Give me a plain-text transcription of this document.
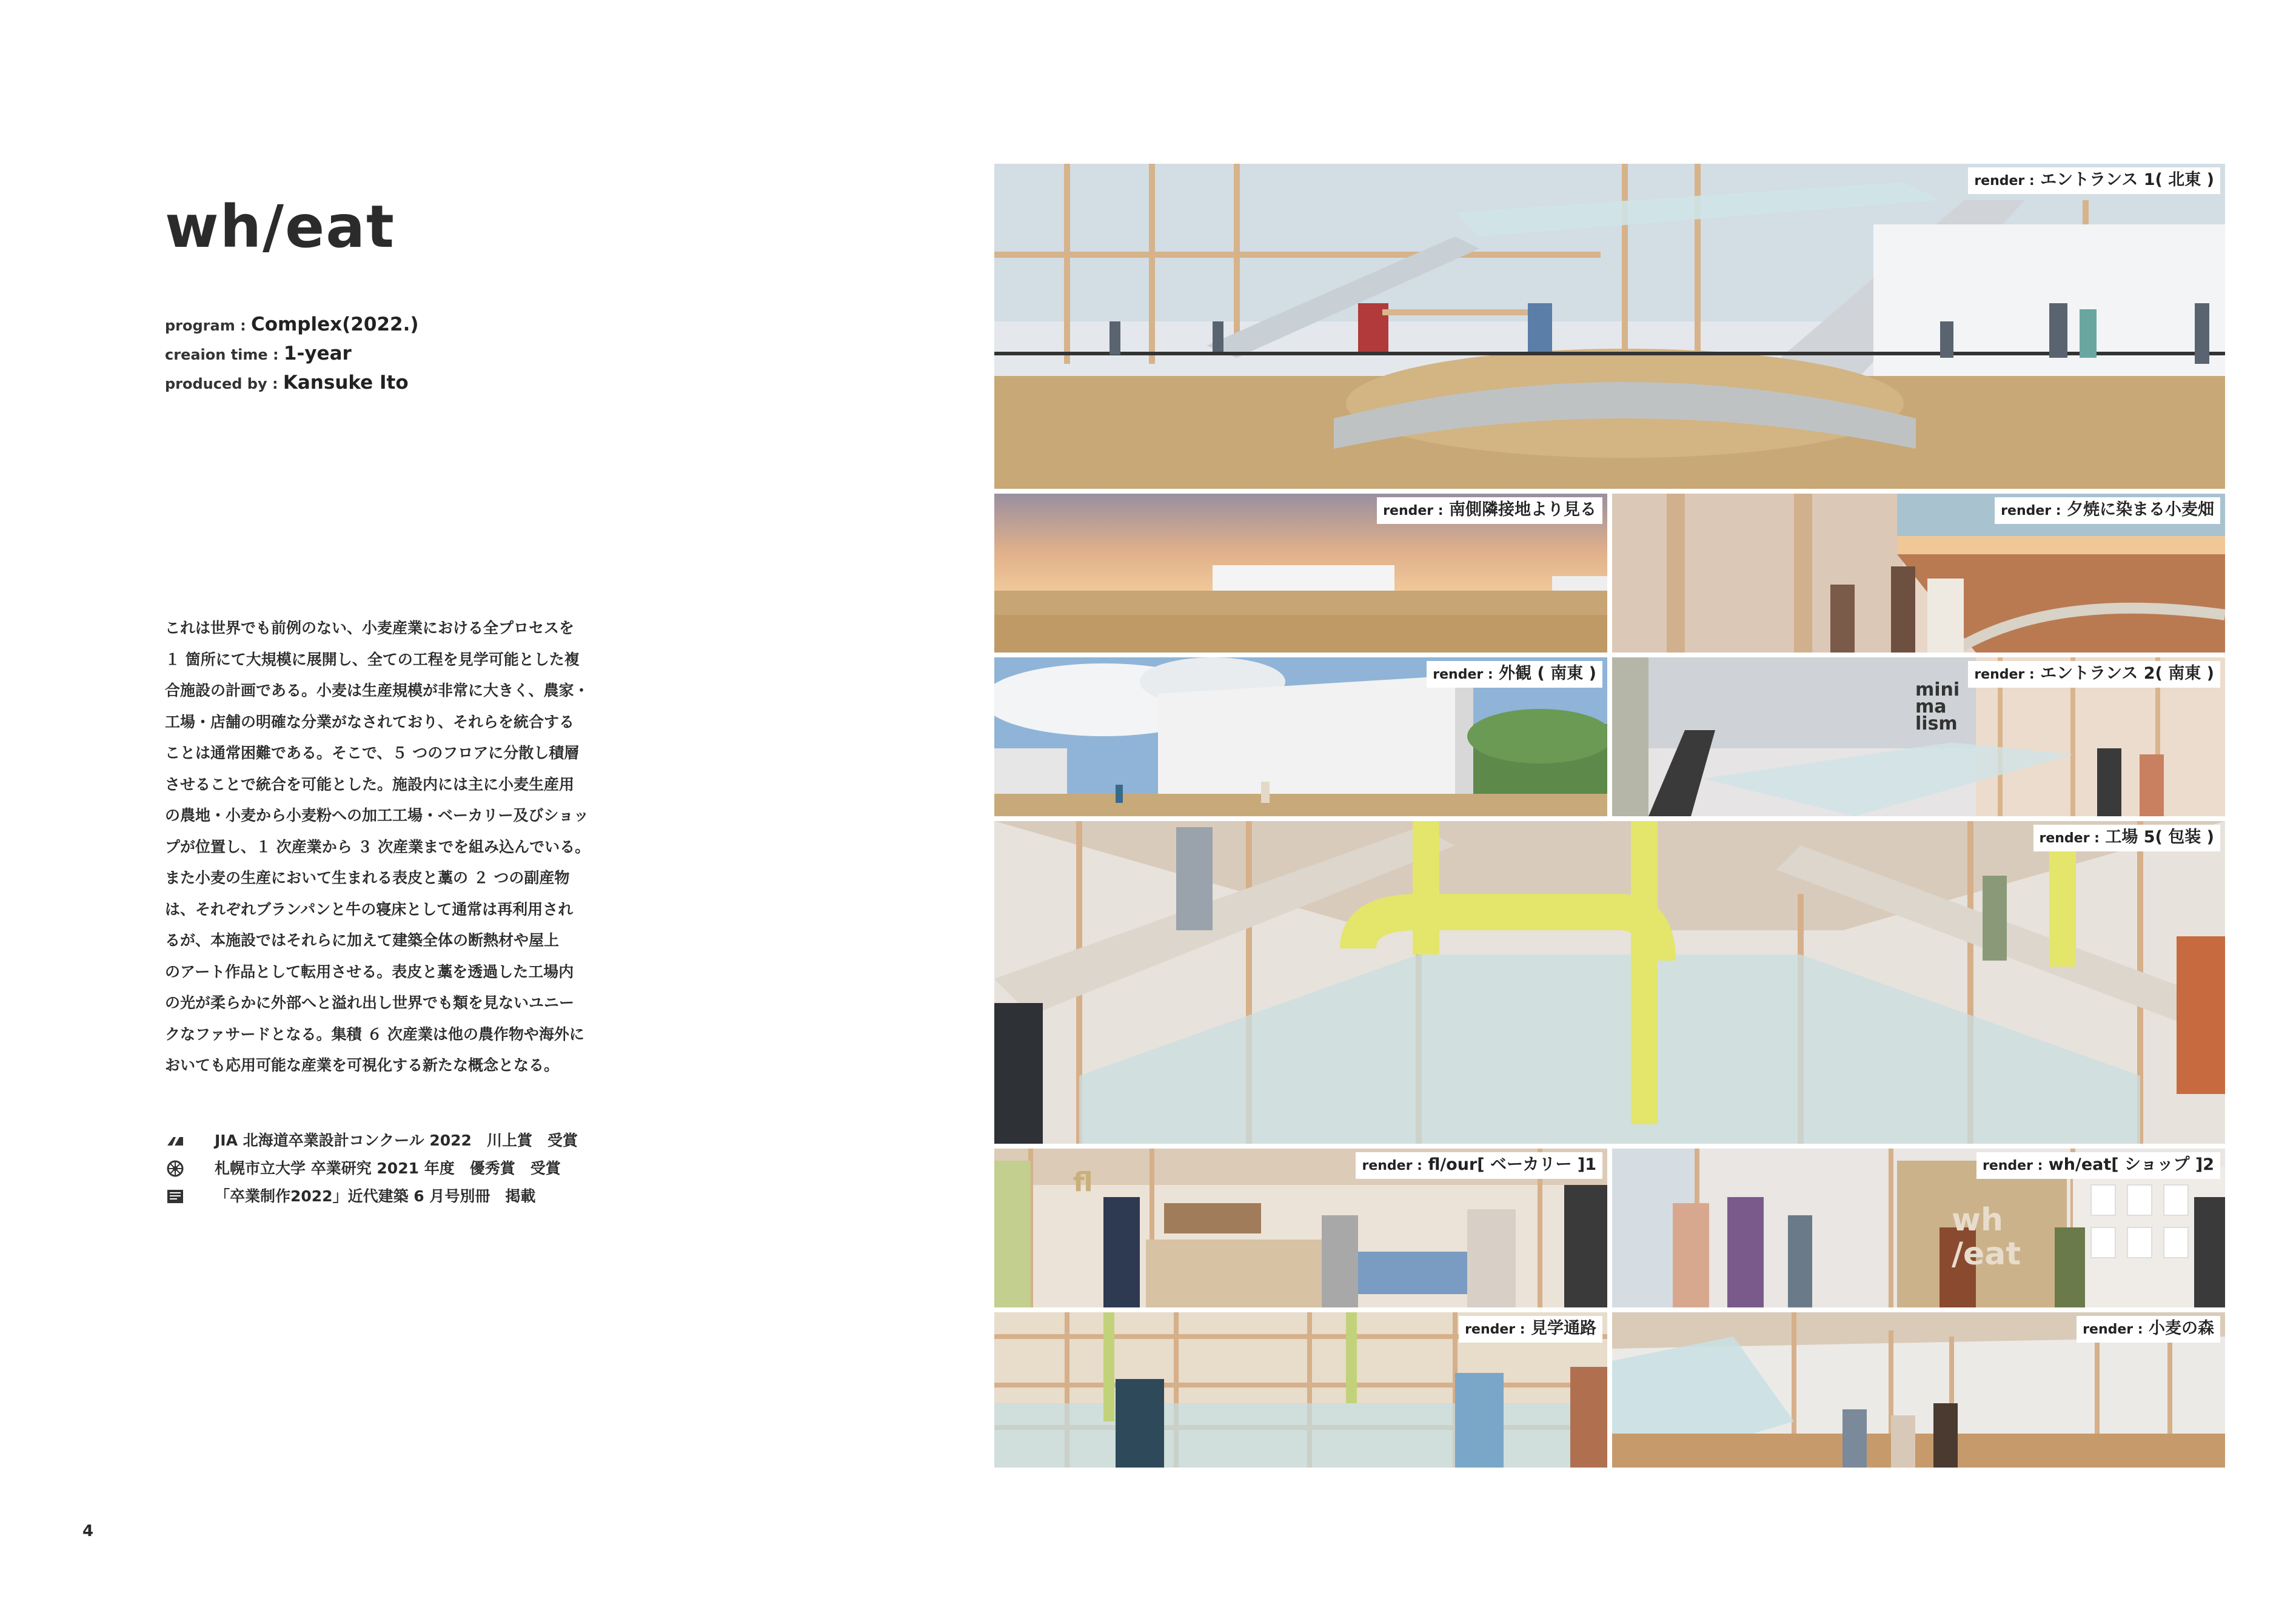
wh/eat
program : Complex(2022.)
creaion time : 1-year
produced by : Kansuke Ito
これは世界でも前例のない、小麦産業における全プロセスを
１ 箇所にて大規模に展開し、全ての工程を見学可能とした複
合施設の計画である。小麦は生産規模が非常に大きく、農家・
工場・店舗の明確な分業がなされており、それらを統合する
ことは通常困難である。そこで、５ つのフロアに分散し積層
させることで統合を可能とした。施設内には主に小麦生産用
の農地・小麦から小麦粉への加工工場・ベーカリー及びショッ
プが位置し、１ 次産業から ３ 次産業までを組み込んでいる。
また小麦の生産において生まれる表皮と藁の ２ つの副産物
は、それぞれブランパンと牛の寝床として通常は再利用され
るが、本施設ではそれらに加えて建築全体の断熱材や屋上
のアート作品として転用させる。表皮と藁を透過した工場内
の光が柔らかに外部へと溢れ出し世界でも類を見ないユニー
クなファサードとなる。集積 ６ 次産業は他の農作物や海外に
おいても応用可能な産業を可視化する新たな概念となる。
JIA 北海道卒業設計コンクール 2022　川上賞　受賞
札幌市立大学 卒業研究 2021 年度　優秀賞　受賞
「卒業制作2022」近代建築 6 月号別冊　掲載
4
render : エントランス 1( 北東 )
render : 南側隣接地より見る	render : 夕焼に染まる小麦畑
render : 外観 ( 南東 )
mini
ma
lism
render : エントランス 2( 南東 )
render : 工場 5( 包装 )
fl
render : fl/our[ ベーカリー ]1
wh
/eat
render : wh/eat[ ショップ ]2
render : 見学通路	render : 小麦の森
